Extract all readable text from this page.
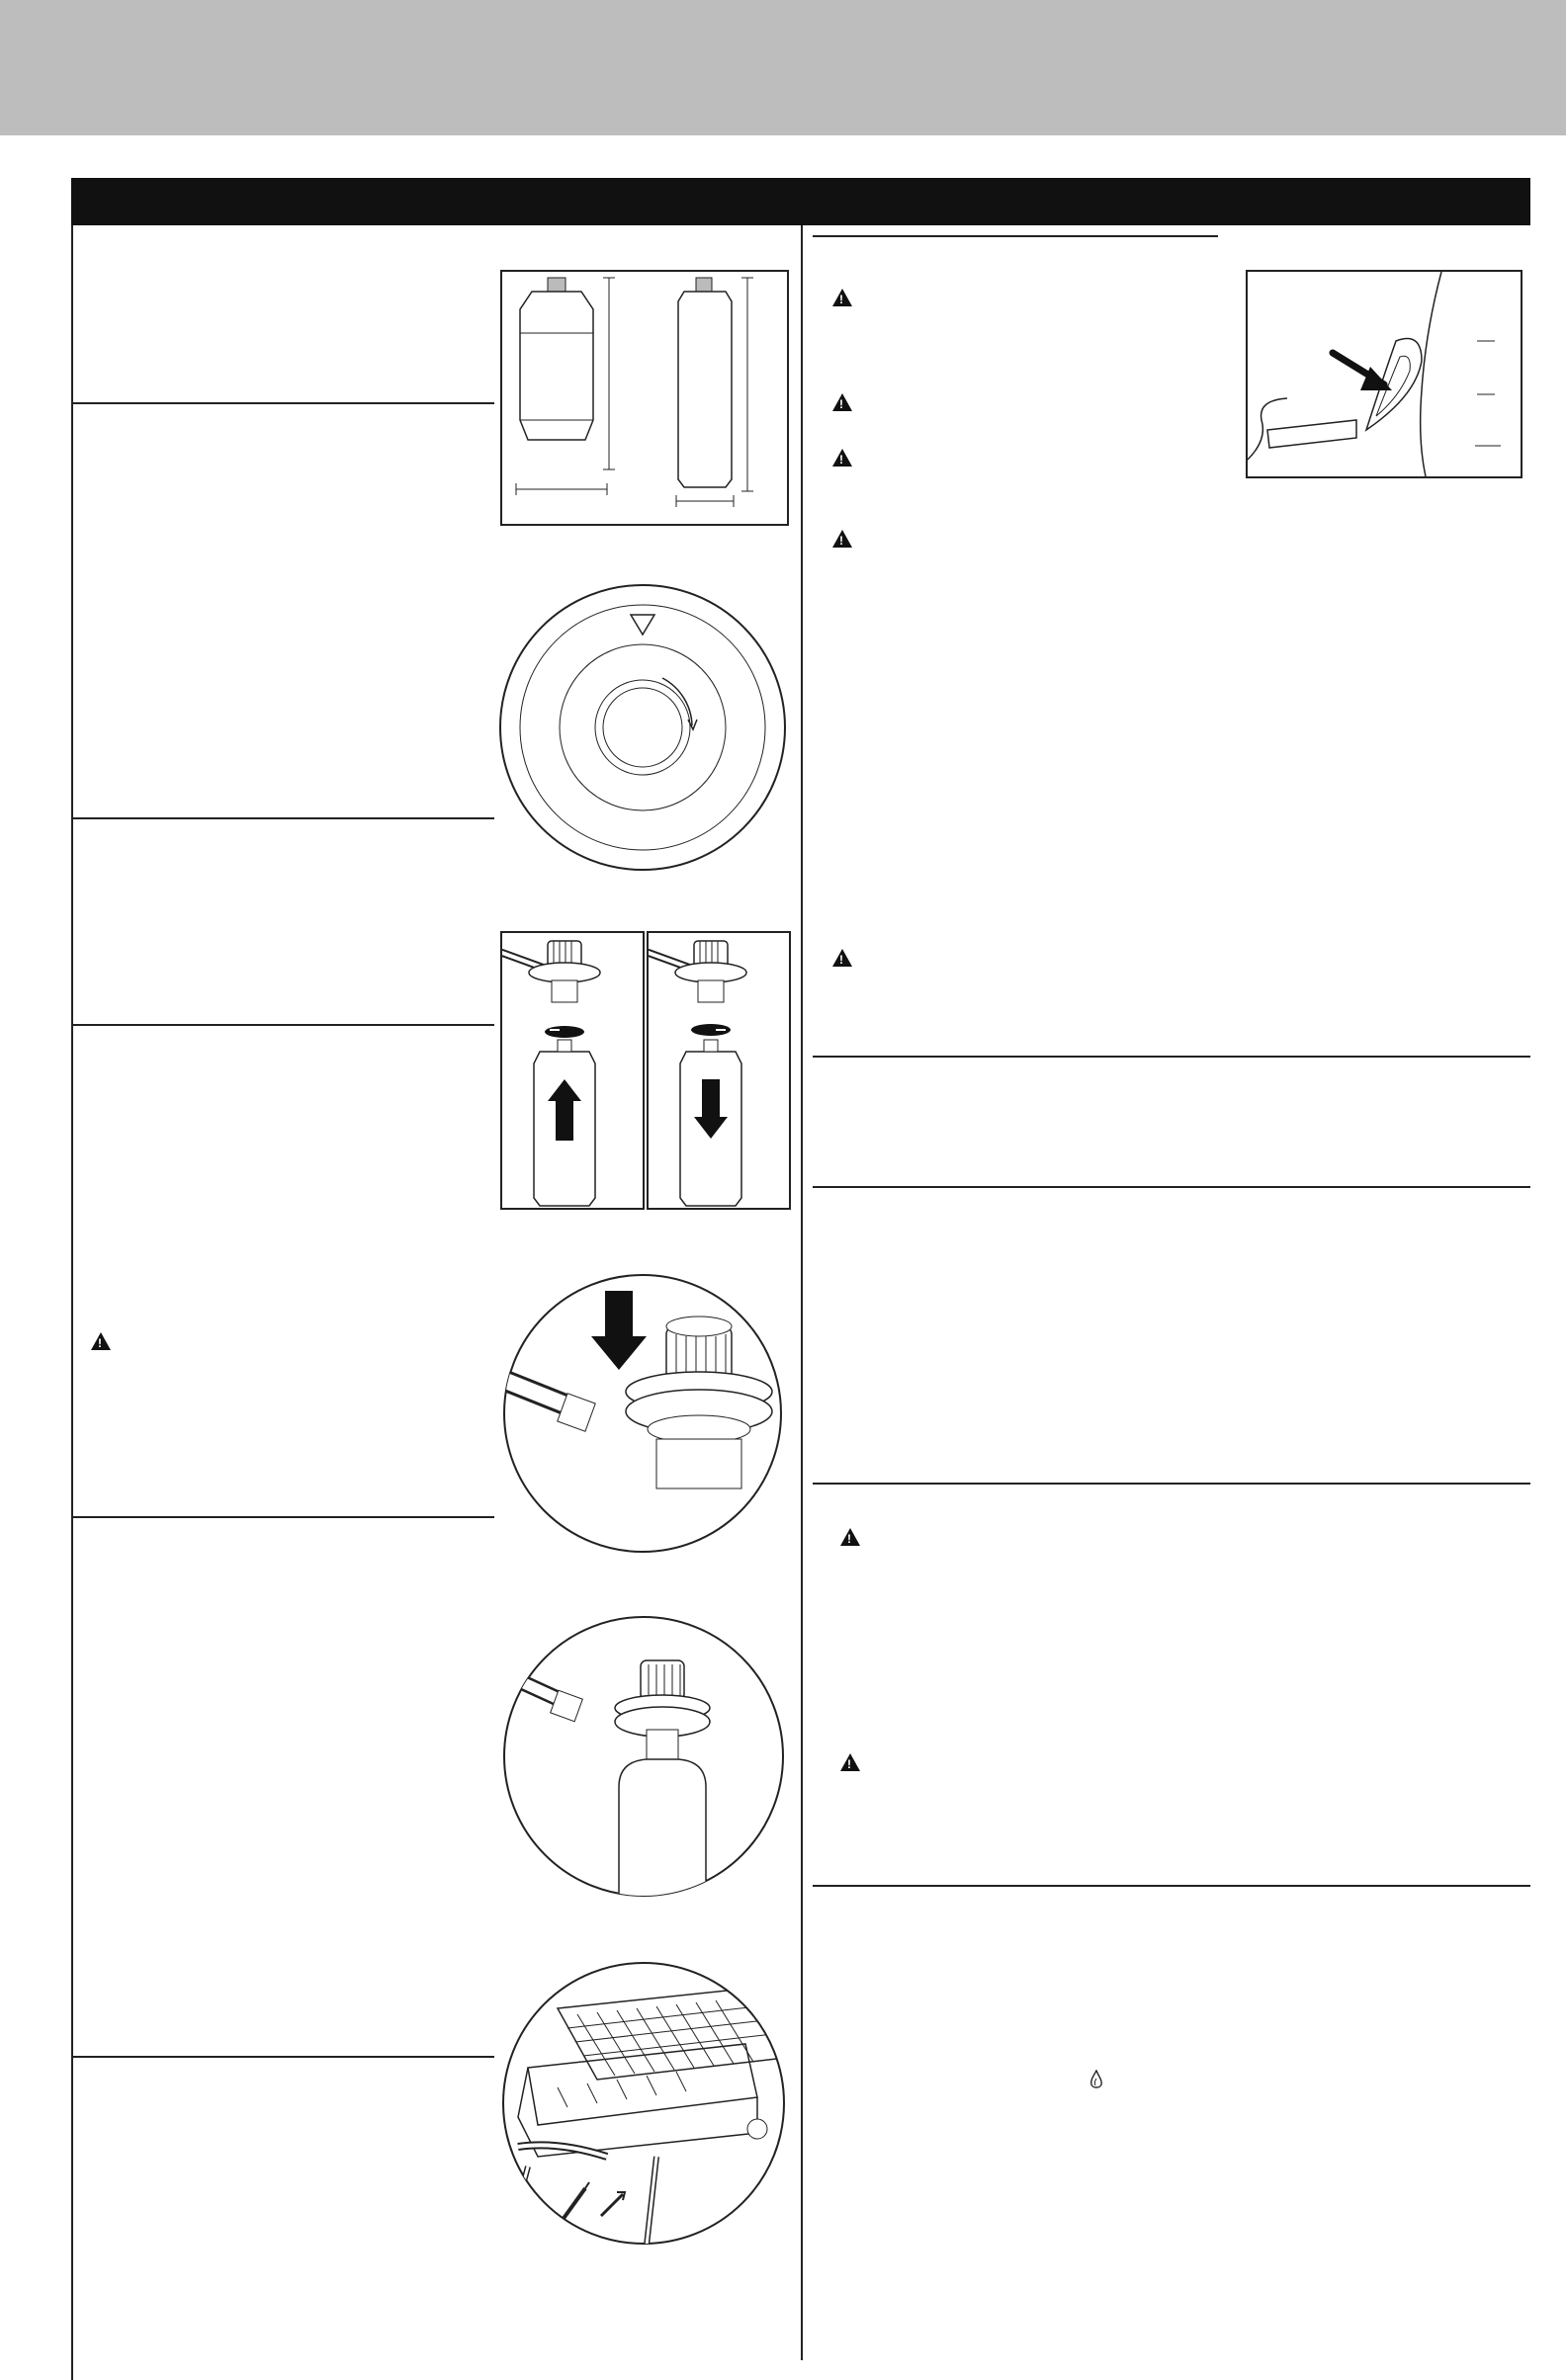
!
!
!
!
!
!
!
!
